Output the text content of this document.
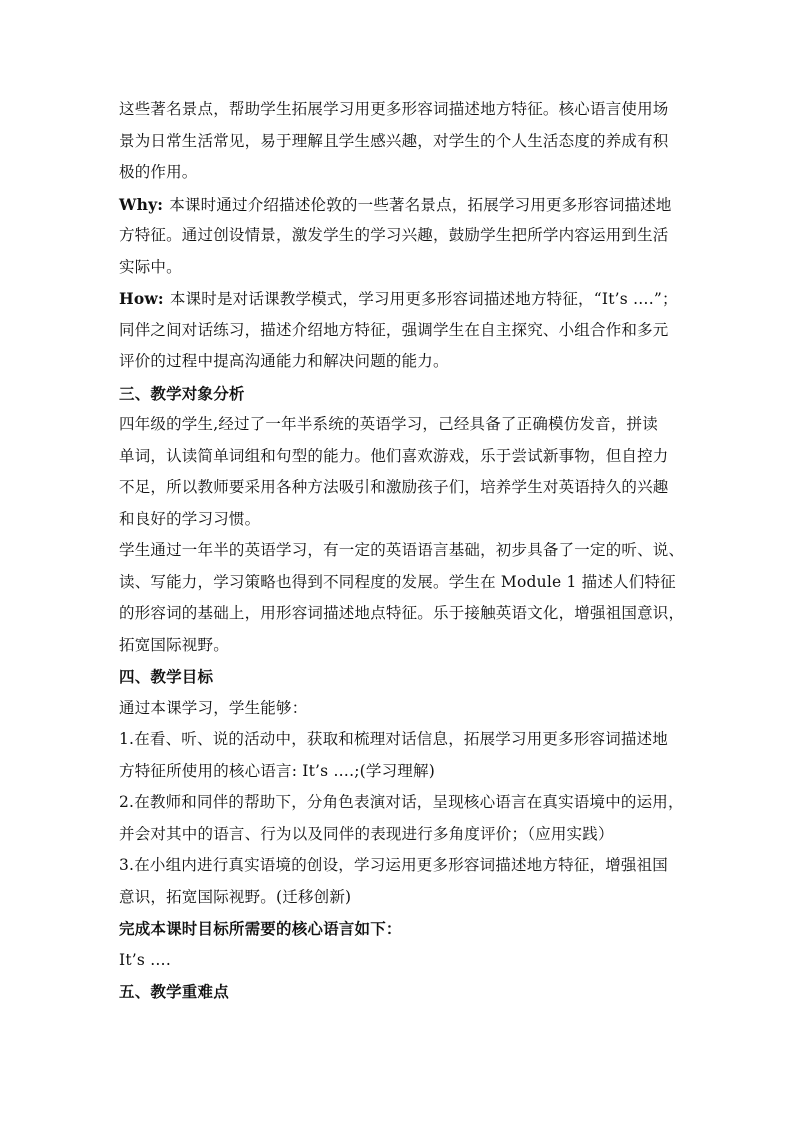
这些著名景点，帮助学生拓展学习用更多形容词描述地方特征。核心语言使用场
景为日常生活常见，易于理解且学生感兴趣，对学生的个人生活态度的养成有积
极的作用。
Why: 本课时通过介绍描述伦敦的一些著名景点，拓展学习用更多形容词描述地
方特征。通过创设情景，激发学生的学习兴趣，鼓励学生把所学内容运用到生活
实际中。
How: 本课时是对话课教学模式，学习用更多形容词描述地方特征，“It’s ….”；
同伴之间对话练习，描述介绍地方特征，强调学生在自主探究、小组合作和多元
评价的过程中提高沟通能力和解决问题的能力。
三、教学对象分析
四年级的学生,经过了一年半系统的英语学习，己经具备了正确模仿发音，拼读
单词，认读简单词组和句型的能力。他们喜欢游戏，乐于尝试新事物，但自控力
不足，所以教师要采用各种方法吸引和激励孩子们，培养学生对英语持久的兴趣
和良好的学习习惯。
学生通过一年半的英语学习，有一定的英语语言基础，初步具备了一定的听、说、
读、写能力，学习策略也得到不同程度的发展。学生在 Module 1 描述人们特征
的形容词的基础上，用形容词描述地点特征。乐于接触英语文化，增强祖国意识，
拓宽国际视野。
四、教学目标
通过本课学习，学生能够：
1.在看、听、说的活动中，获取和梳理对话信息，拓展学习用更多形容词描述地
方特征所使用的核心语言: It’s ….;(学习理解)
2.在教师和同伴的帮助下，分角色表演对话，呈现核心语言在真实语境中的运用，
并会对其中的语言、行为以及同伴的表现进行多角度评价；（应用实践）
3.在小组内进行真实语境的创设，学习运用更多形容词描述地方特征，增强祖国
意识，拓宽国际视野。(迁移创新)
完成本课时目标所需要的核心语言如下：
It’s ….
五、教学重难点
